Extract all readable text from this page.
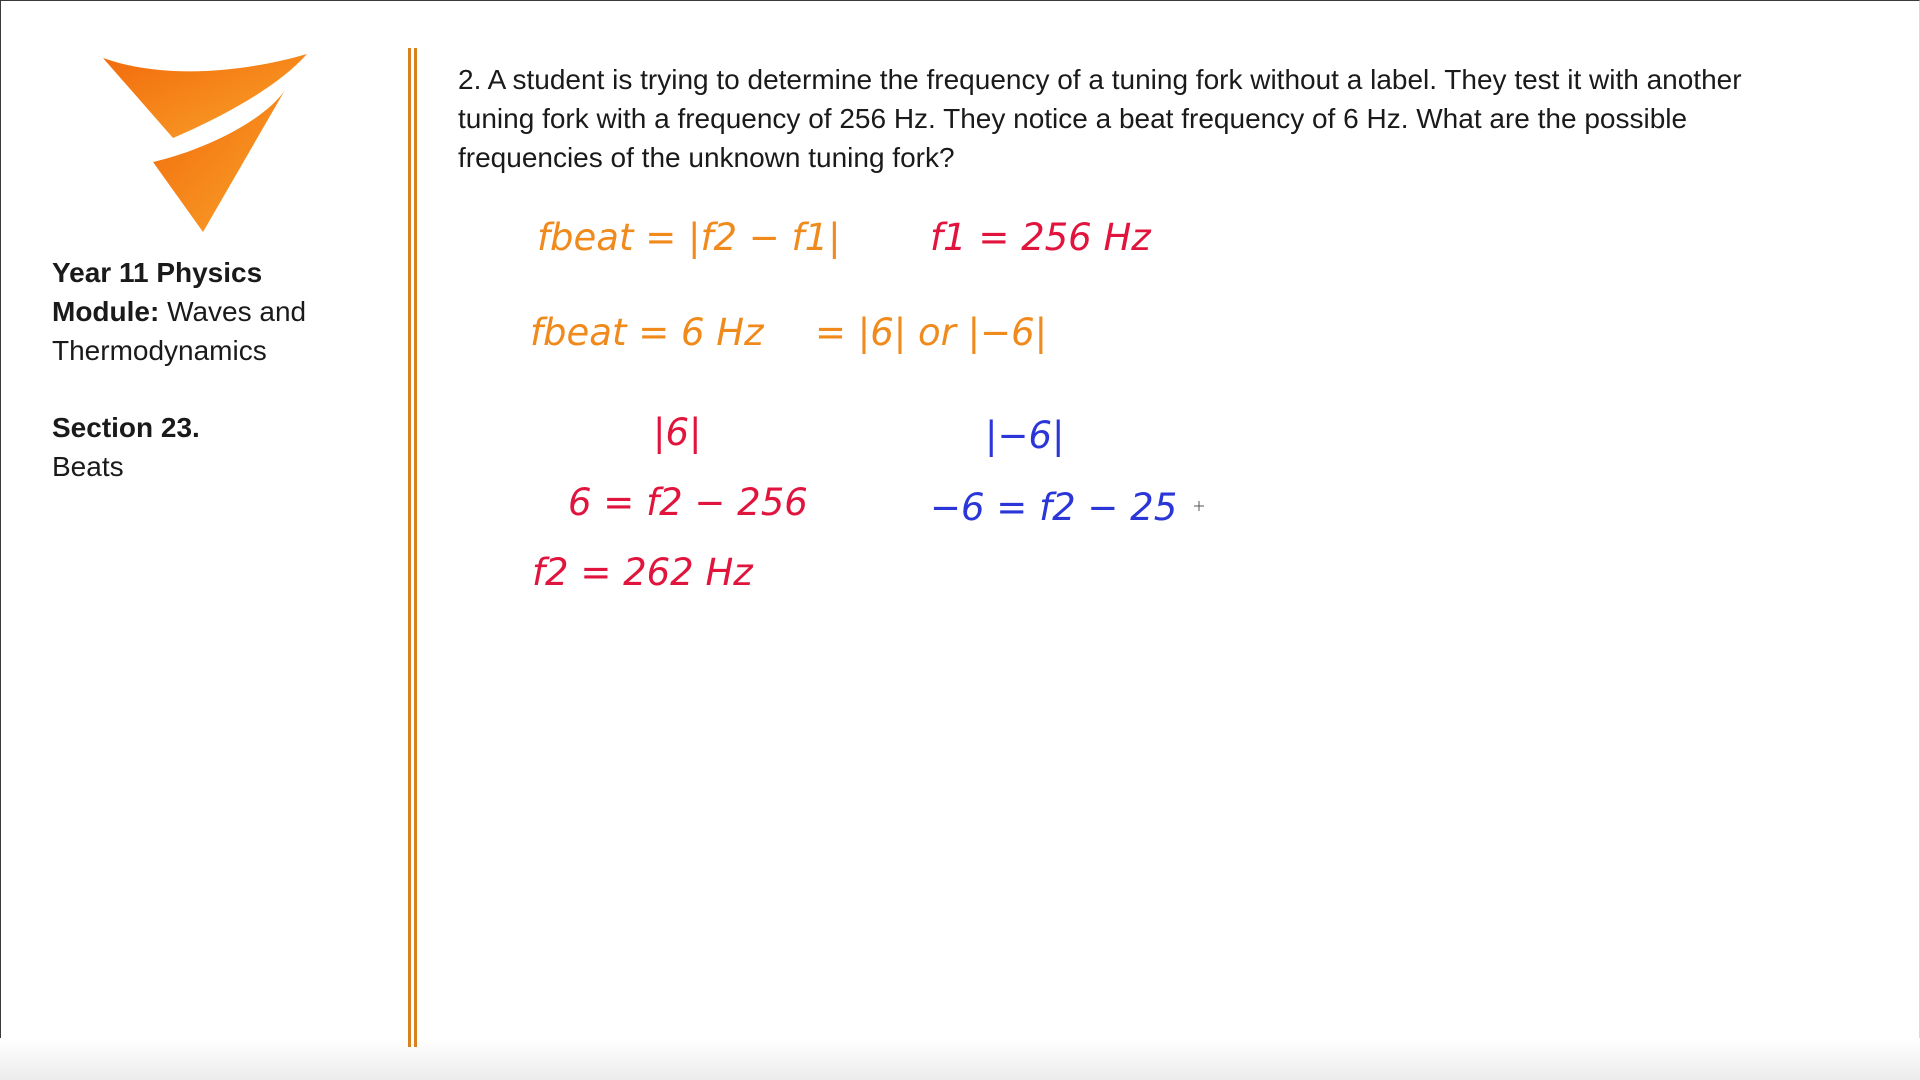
Year 11 Physics
Module: Waves and
Thermodynamics
Section 23.
Beats
2. A student is trying to determine the frequency of a tuning fork without a label. They test it with another tuning fork with a frequency of 256 Hz. They notice a beat frequency of 6 Hz. What are the possible frequencies of the unknown tuning fork?
fbeat = |f2 − f1| f1 = 256 Hz
fbeat = 6 Hz = |6| or |−6|
|6|	|−6|
6 = f2 − 256	−6 = f2 − 25
f2 = 262 Hz
